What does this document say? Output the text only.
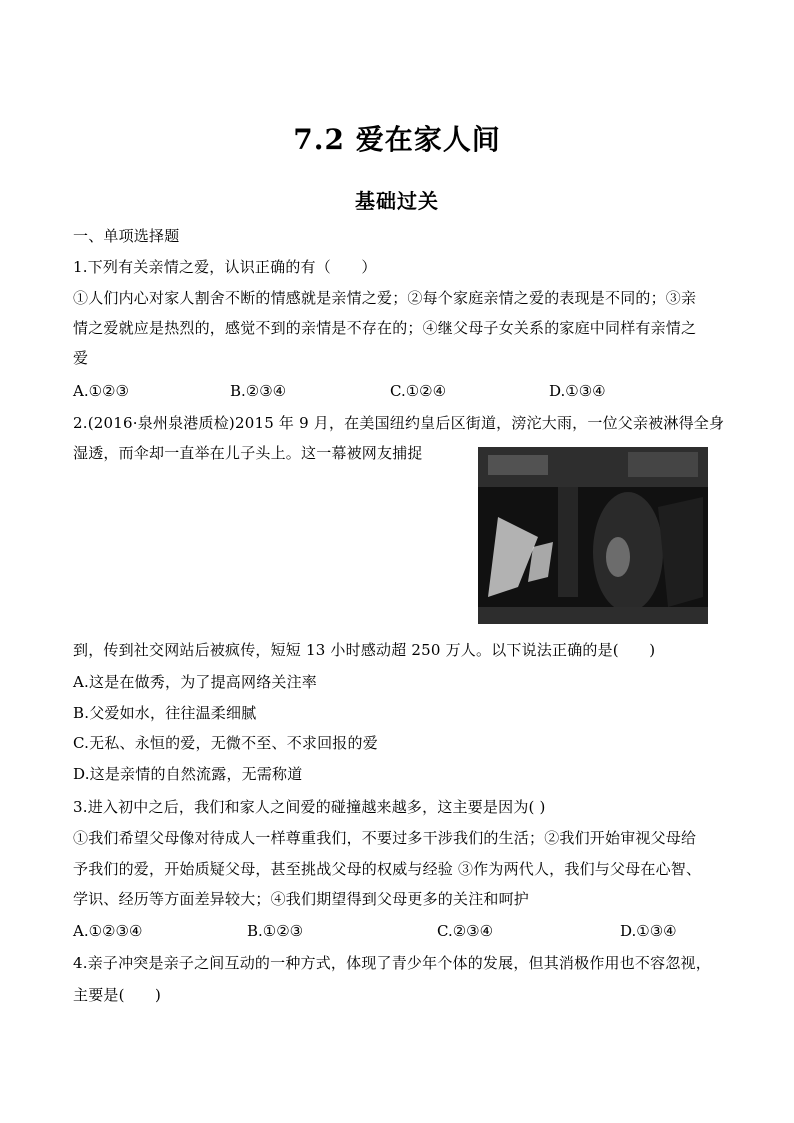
7.2 爱在家人间
基础过关
一、单项选择题
1.下列有关亲情之爱，认识正确的有（　　）
①人们内心对家人割舍不断的情感就是亲情之爱；②每个家庭亲情之爱的表现是不同的；③亲
情之爱就应是热烈的，感觉不到的亲情是不存在的；④继父母子女关系的家庭中同样有亲情之
爱
A.①②③	B.②③④	C.①②④	D.①③④
2.(2016·泉州泉港质检)2015 年 9 月，在美国纽约皇后区街道，滂沱大雨，一位父亲被淋得全身
湿透，而伞却一直举在儿子头上。这一幕被网友捕捉
到，传到社交网站后被疯传，短短 13 小时感动超 250 万人。以下说法正确的是(　　)
A.这是在做秀，为了提高网络关注率
B.父爱如水，往往温柔细腻
C.无私、永恒的爱，无微不至、不求回报的爱
D.这是亲情的自然流露，无需称道
3.进入初中之后，我们和家人之间爱的碰撞越来越多，这主要是因为( )
①我们希望父母像对待成人一样尊重我们，不要过多干涉我们的生活；②我们开始审视父母给
予我们的爱，开始质疑父母，甚至挑战父母的权威与经验 ③作为两代人，我们与父母在心智、
学识、经历等方面差异较大；④我们期望得到父母更多的关注和呵护
A.①②③④	B.①②③	C.②③④	D.①③④
4.亲子冲突是亲子之间互动的一种方式，体现了青少年个体的发展，但其消极作用也不容忽视，
主要是(　　)
